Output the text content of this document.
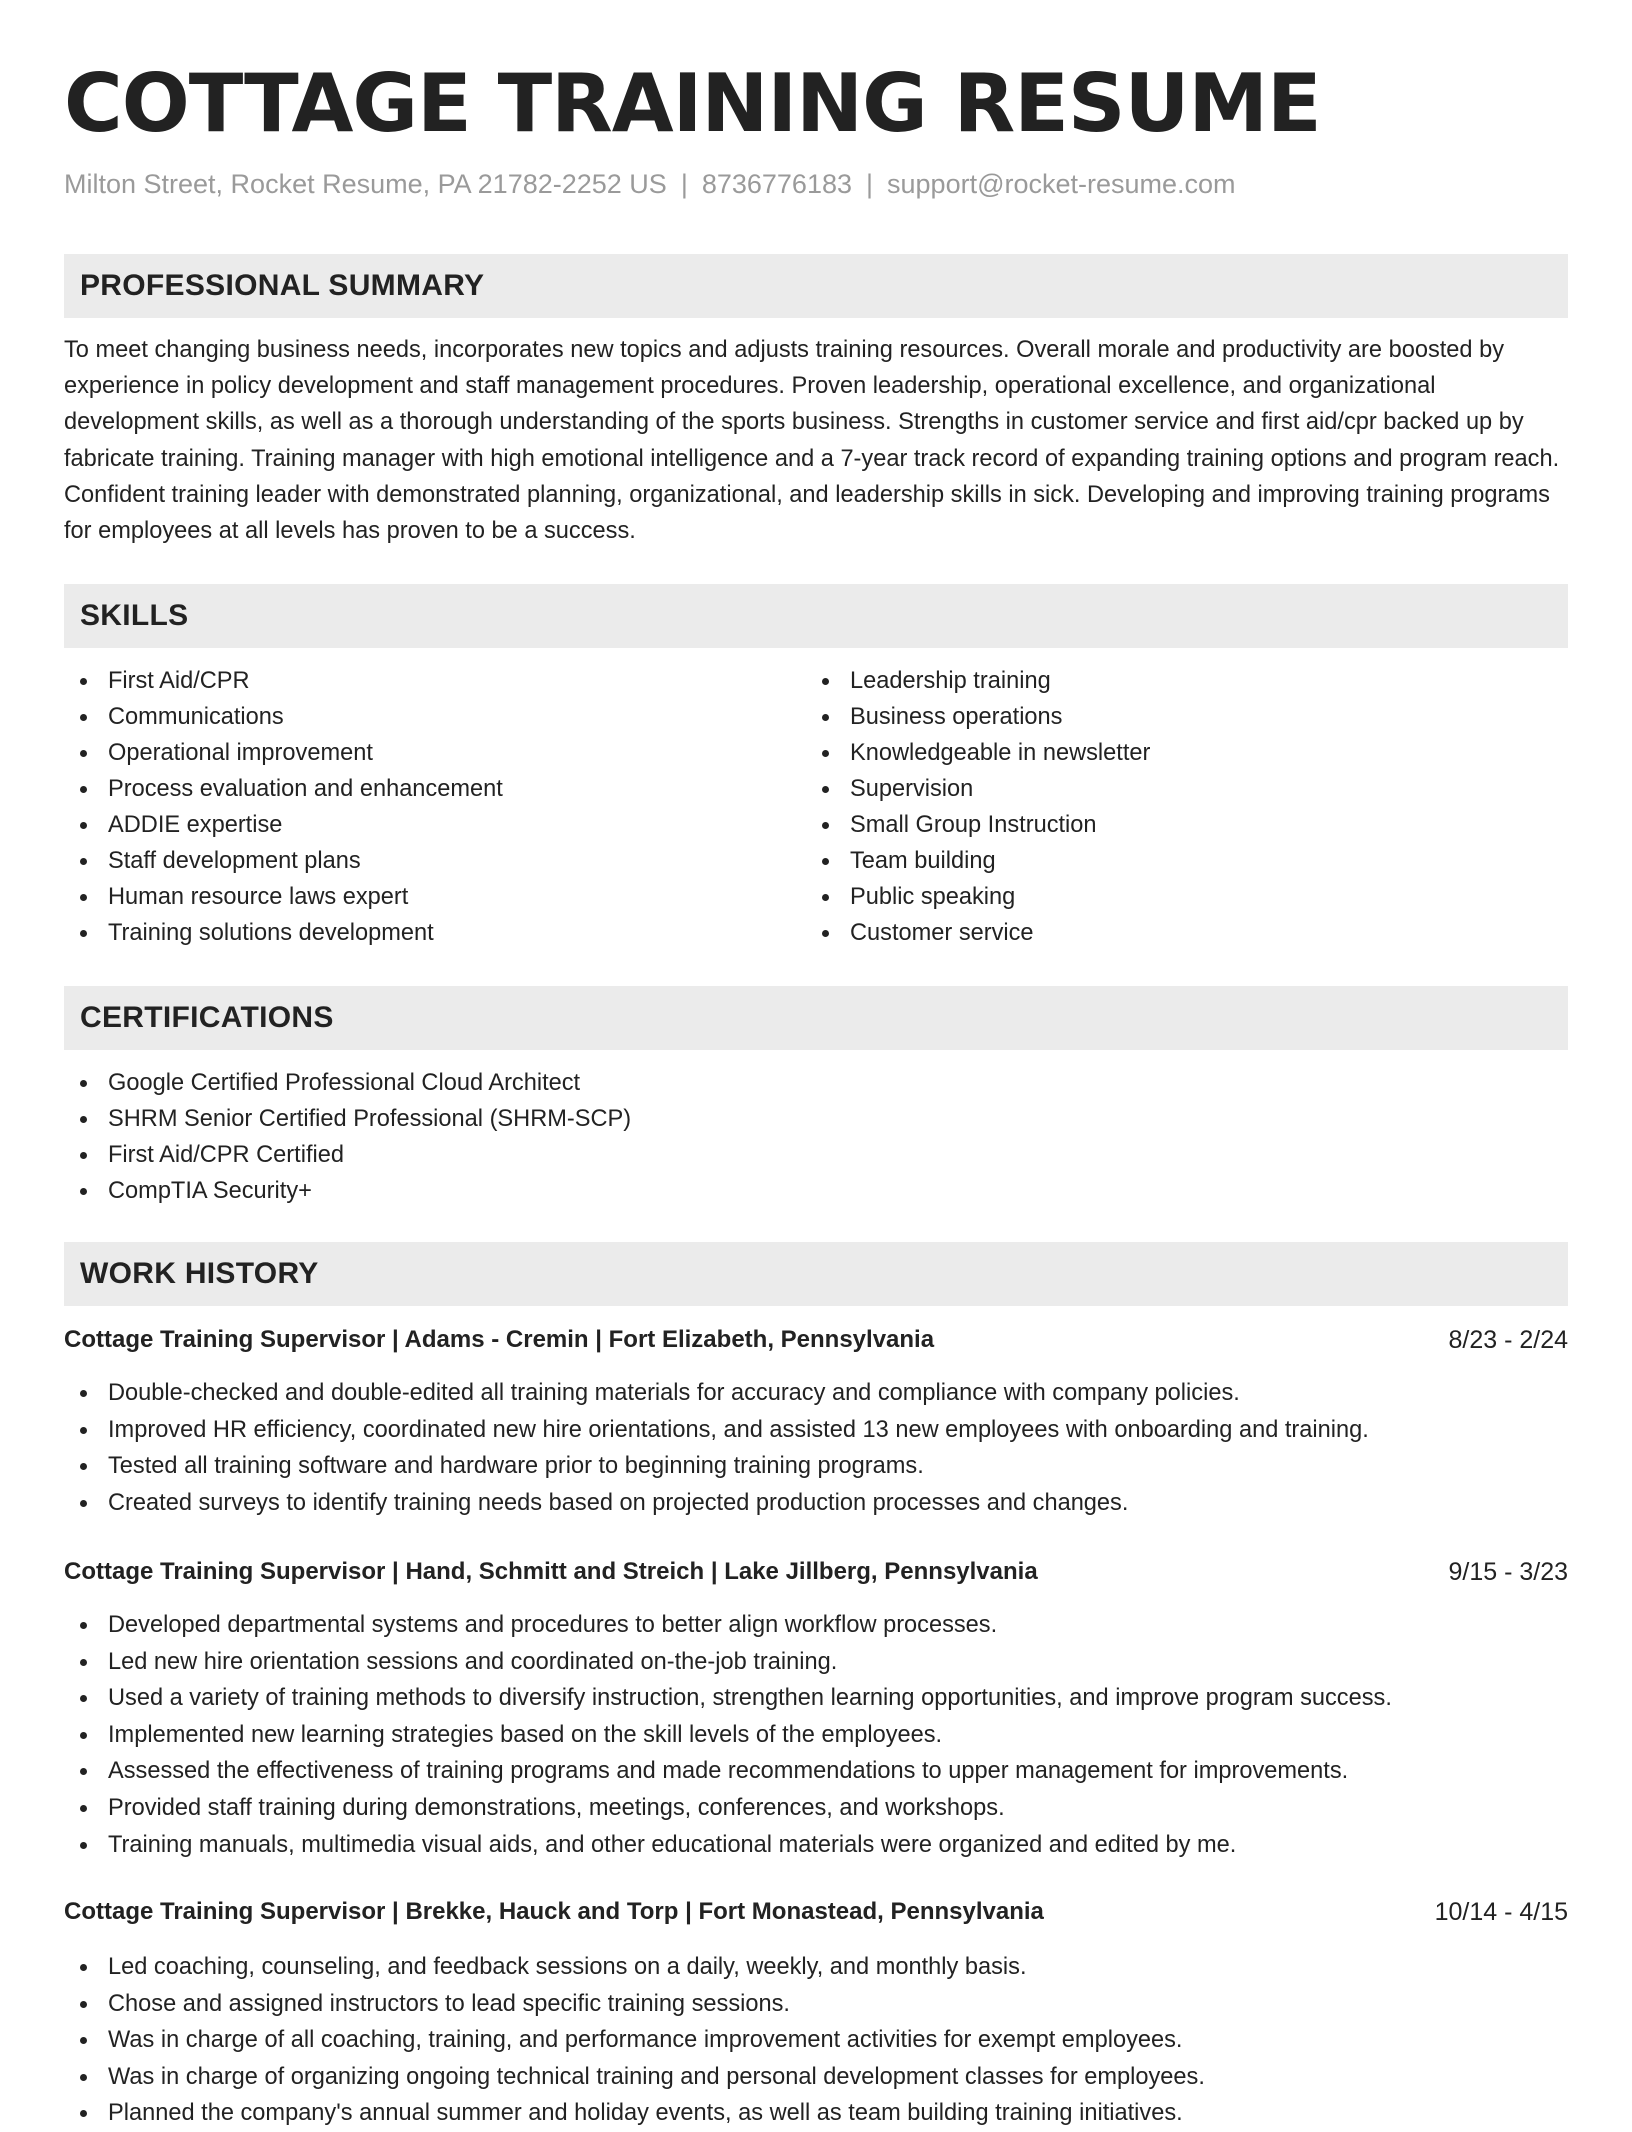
COTTAGE TRAINING RESUME
Milton Street, Rocket Resume, PA 21782-2252 US | 8736776183 | support@rocket-resume.com
PROFESSIONAL SUMMARY

To meet changing business needs, incorporates new topics and adjusts training resources. Overall morale and productivity are boosted by experience in policy development and staff management procedures. Proven leadership, operational excellence, and organizational development skills, as well as a thorough understanding of the sports business. Strengths in customer service and first aid/cpr backed up by fabricate training. Training manager with high emotional intelligence and a 7-year track record of expanding training options and program reach. Confident training leader with demonstrated planning, organizational, and leadership skills in sick. Developing and improving training programs for employees at all levels has proven to be a success.

SKILLS
First Aid/CPR
Communications
Operational improvement
Process evaluation and enhancement
ADDIE expertise
Staff development plans
Human resource laws expert
Training solutions development
Leadership training
Business operations
Knowledgeable in newsletter
Supervision
Small Group Instruction
Team building
Public speaking
Customer service
CERTIFICATIONS
Google Certified Professional Cloud Architect
SHRM Senior Certified Professional (SHRM-SCP)
First Aid/CPR Certified
CompTIA Security+
WORK HISTORY
Cottage Training Supervisor | Adams - Cremin | Fort Elizabeth, Pennsylvania	8/23 - 2/24
Double-checked and double-edited all training materials for accuracy and compliance with company policies.
Improved HR efficiency, coordinated new hire orientations, and assisted 13 new employees with onboarding and training.
Tested all training software and hardware prior to beginning training programs.
Created surveys to identify training needs based on projected production processes and changes.
Cottage Training Supervisor | Hand, Schmitt and Streich | Lake Jillberg, Pennsylvania	9/15 - 3/23
Developed departmental systems and procedures to better align workflow processes.
Led new hire orientation sessions and coordinated on-the-job training.
Used a variety of training methods to diversify instruction, strengthen learning opportunities, and improve program success.
Implemented new learning strategies based on the skill levels of the employees.
Assessed the effectiveness of training programs and made recommendations to upper management for improvements.
Provided staff training during demonstrations, meetings, conferences, and workshops.
Training manuals, multimedia visual aids, and other educational materials were organized and edited by me.
Cottage Training Supervisor | Brekke, Hauck and Torp | Fort Monastead, Pennsylvania	10/14 - 4/15
Led coaching, counseling, and feedback sessions on a daily, weekly, and monthly basis.
Chose and assigned instructors to lead specific training sessions.
Was in charge of all coaching, training, and performance improvement activities for exempt employees.
Was in charge of organizing ongoing technical training and personal development classes for employees.
Planned the company's annual summer and holiday events, as well as team building training initiatives.
